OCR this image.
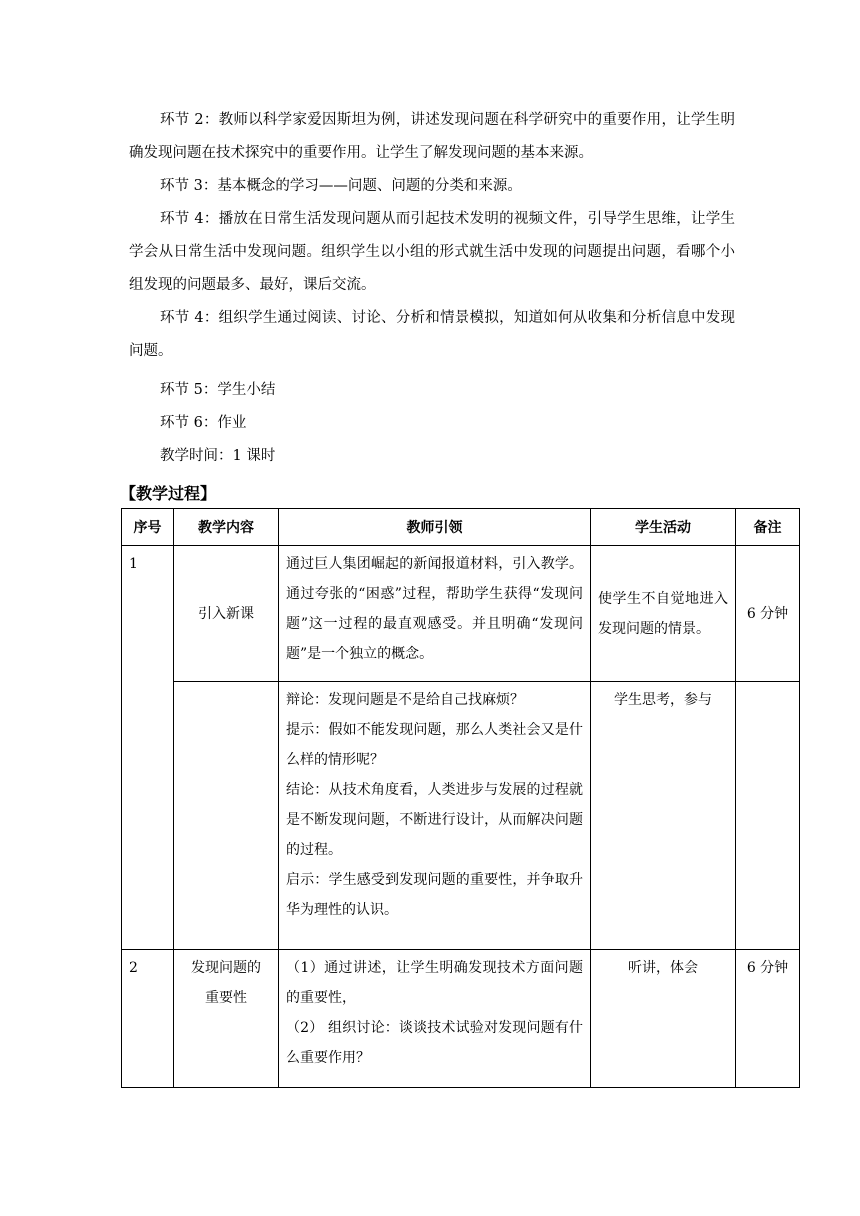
环节 2：教师以科学家爱因斯坦为例，讲述发现问题在科学研究中的重要作用，让学生明确发现问题在技术探究中的重要作用。让学生了解发现问题的基本来源。

环节 3：基本概念的学习——问题、问题的分类和来源。

环节 4：播放在日常生活发现问题从而引起技术发明的视频文件，引导学生思维，让学生学会从日常生活中发现问题。组织学生以小组的形式就生活中发现的问题提出问题，看哪个小组发现的问题最多、最好，课后交流。

环节 4：组织学生通过阅读、讨论、分析和情景模拟，知道如何从收集和分析信息中发现问题。

环节 5：学生小结

环节 6：作业

教学时间：1 课时

【教学过程】

序号	教学内容	教师引领	学生活动	备注

1	引入新课	通过巨人集团崛起的新闻报道材料，引入教学。通过夸张的“困惑”过程，帮助学生获得“发现问题”这一过程的最直观感受。并且明确“发现问题”是一个独立的概念。	使学生不自觉地进入发现问题的情景。	6 分钟

		辩论：发现问题是不是给自己找麻烦？
提示：假如不能发现问题，那么人类社会又是什么样的情形呢？
结论：从技术角度看，人类进步与发展的过程就是不断发现问题，不断进行设计，从而解决问题的过程。
启示：学生感受到发现问题的重要性，并争取升华为理性的认识。	学生思考，参与	

2	发现问题的重要性	（1）通过讲述，让学生明确发现技术方面问题的重要性，
（2） 组织讨论：谈谈技术试验对发现问题有什么重要作用？	听讲，体会	6 分钟
